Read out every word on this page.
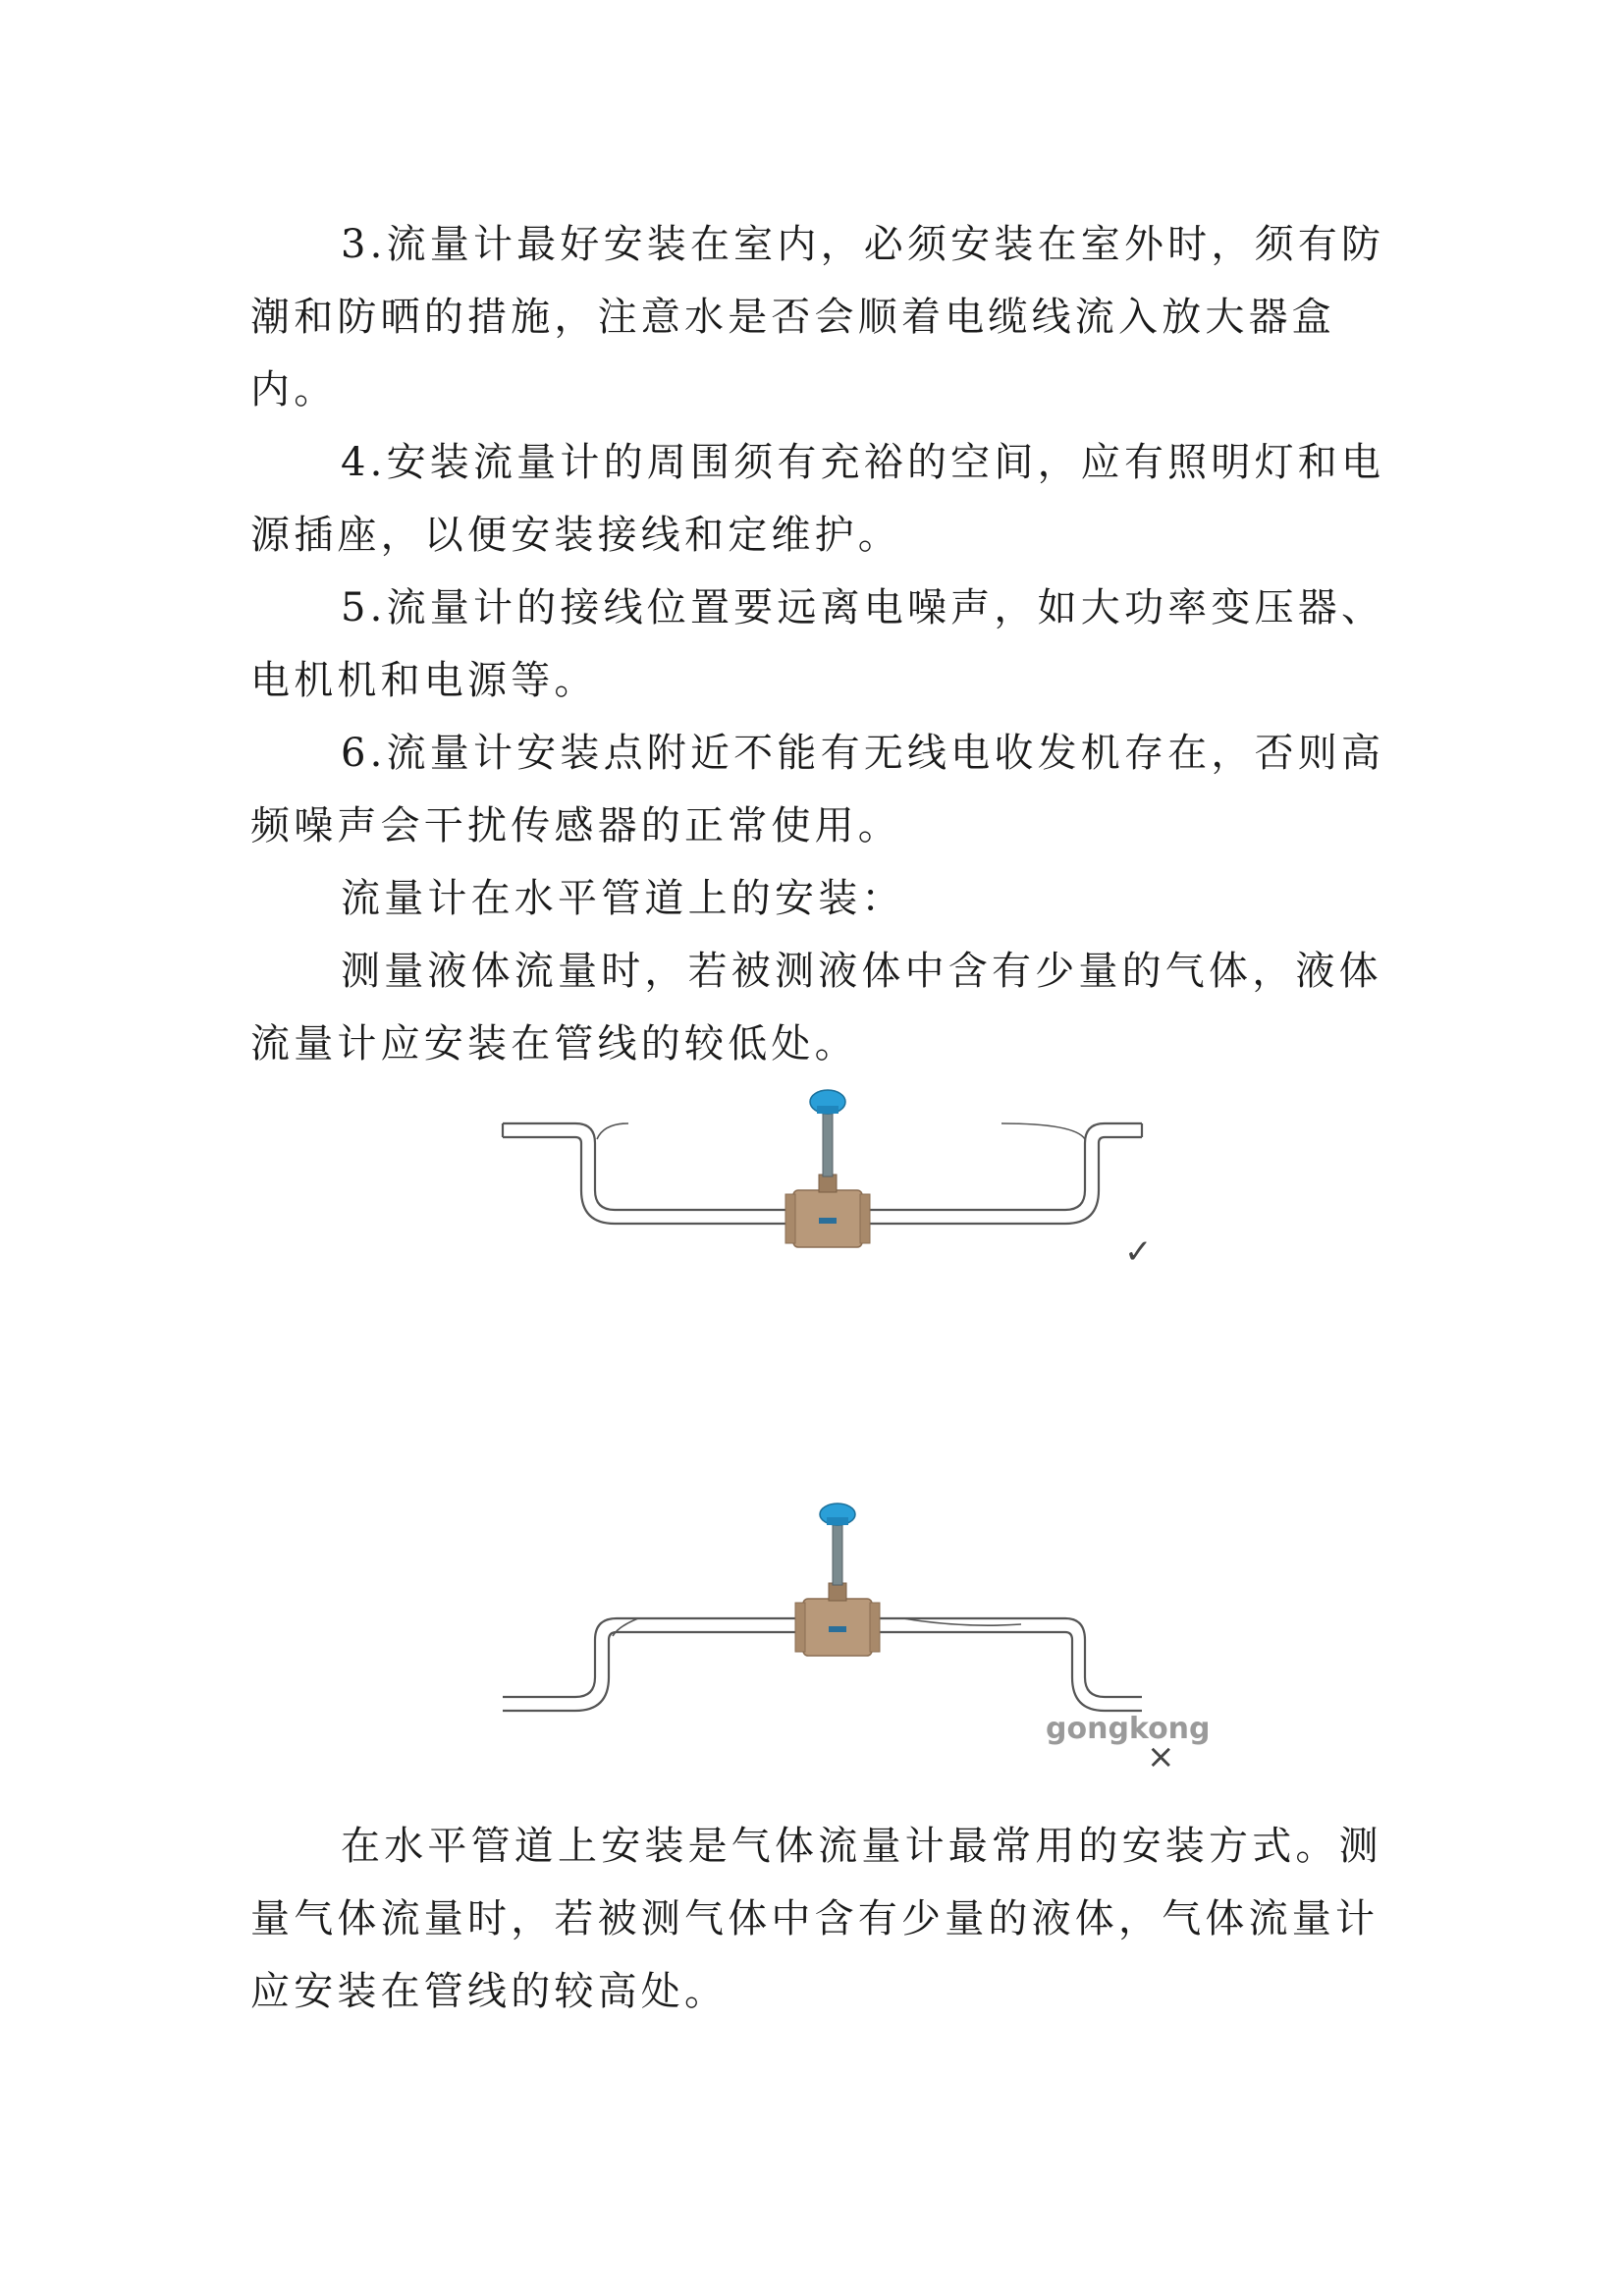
3.流量计最好安装在室内，必须安装在室外时，须有防潮和防晒的措施，注意水是否会顺着电缆线流入放大器盒内。

4.安装流量计的周围须有充裕的空间，应有照明灯和电源插座，以便安装接线和定维护。

5.流量计的接线位置要远离电噪声，如大功率变压器、电机机和电源等。

6.流量计安装点附近不能有无线电收发机存在，否则高频噪声会干扰传感器的正常使用。

流量计在水平管道上的安装：

测量液体流量时，若被测液体中含有少量的气体，液体流量计应安装在管线的较低处。

✓
gongkong
×

在水平管道上安装是气体流量计最常用的安装方式。测量气体流量时，若被测气体中含有少量的液体，气体流量计应安装在管线的较高处。
